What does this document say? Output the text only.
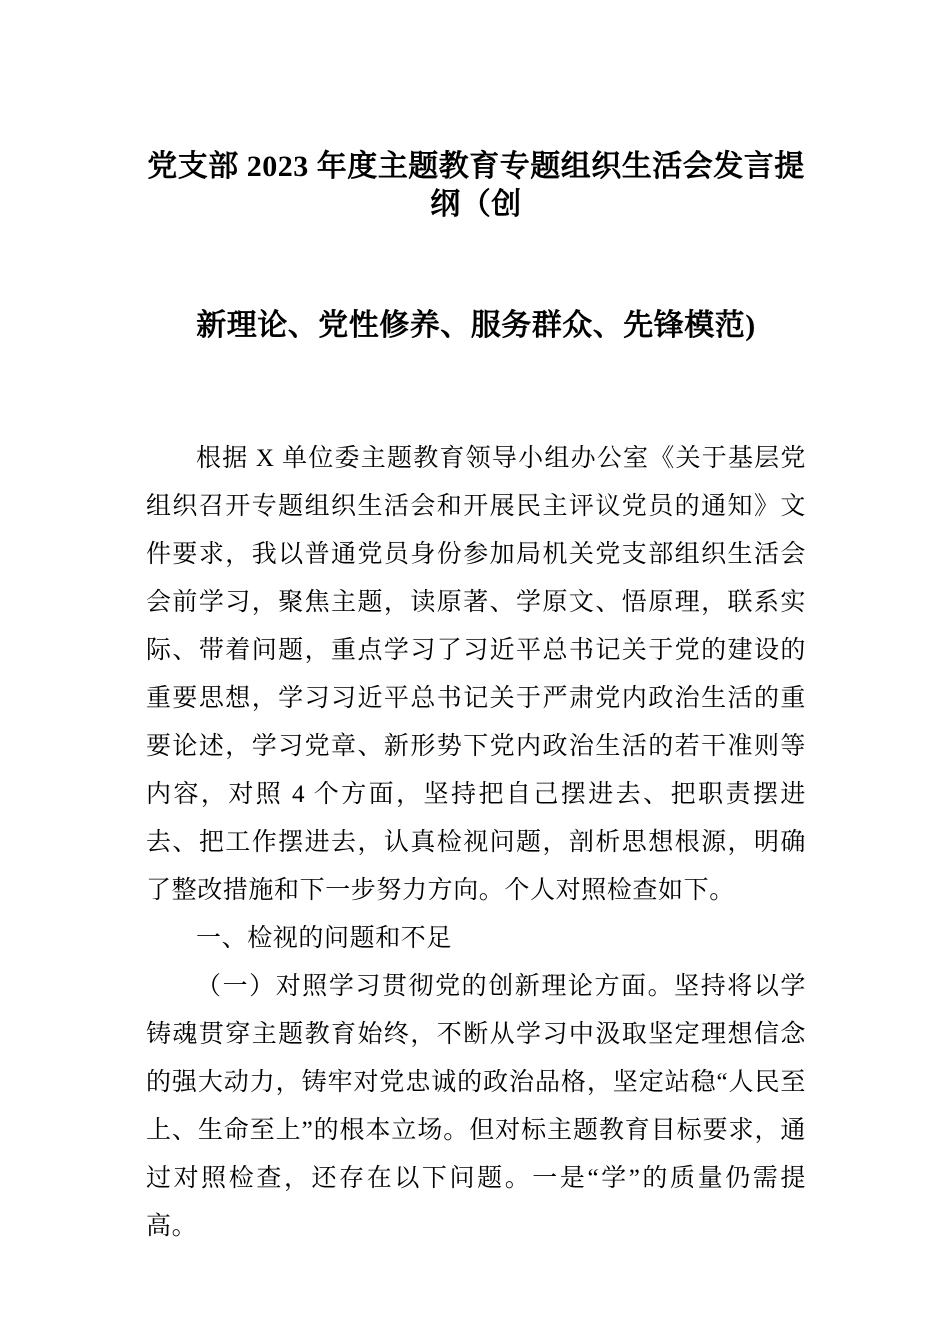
党支部 2023 年度主题教育专题组织生活会发言提纲（创
新理论、党性修养、服务群众、先锋模范)

根据 X 单位委主题教育领导小组办公室《关于基层党组织召开专题组织生活会和开展民主评议党员的通知》文件要求，我以普通党员身份参加局机关党支部组织生活会会前学习，聚焦主题，读原著、学原文、悟原理，联系实际、带着问题，重点学习了习近平总书记关于党的建设的重要思想，学习习近平总书记关于严肃党内政治生活的重要论述，学习党章、新形势下党内政治生活的若干准则等内容，对照 4 个方面，坚持把自己摆进去、把职责摆进去、把工作摆进去，认真检视问题，剖析思想根源，明确了整改措施和下一步努力方向。个人对照检查如下。

一、检视的问题和不足

（一）对照学习贯彻党的创新理论方面。坚持将以学铸魂贯穿主题教育始终，不断从学习中汲取坚定理想信念的强大动力，铸牢对党忠诚的政治品格，坚定站稳“人民至上、生命至上”的根本立场。但对标主题教育目标要求，通过对照检查，还存在以下问题。一是“学”的质量仍需提高。
